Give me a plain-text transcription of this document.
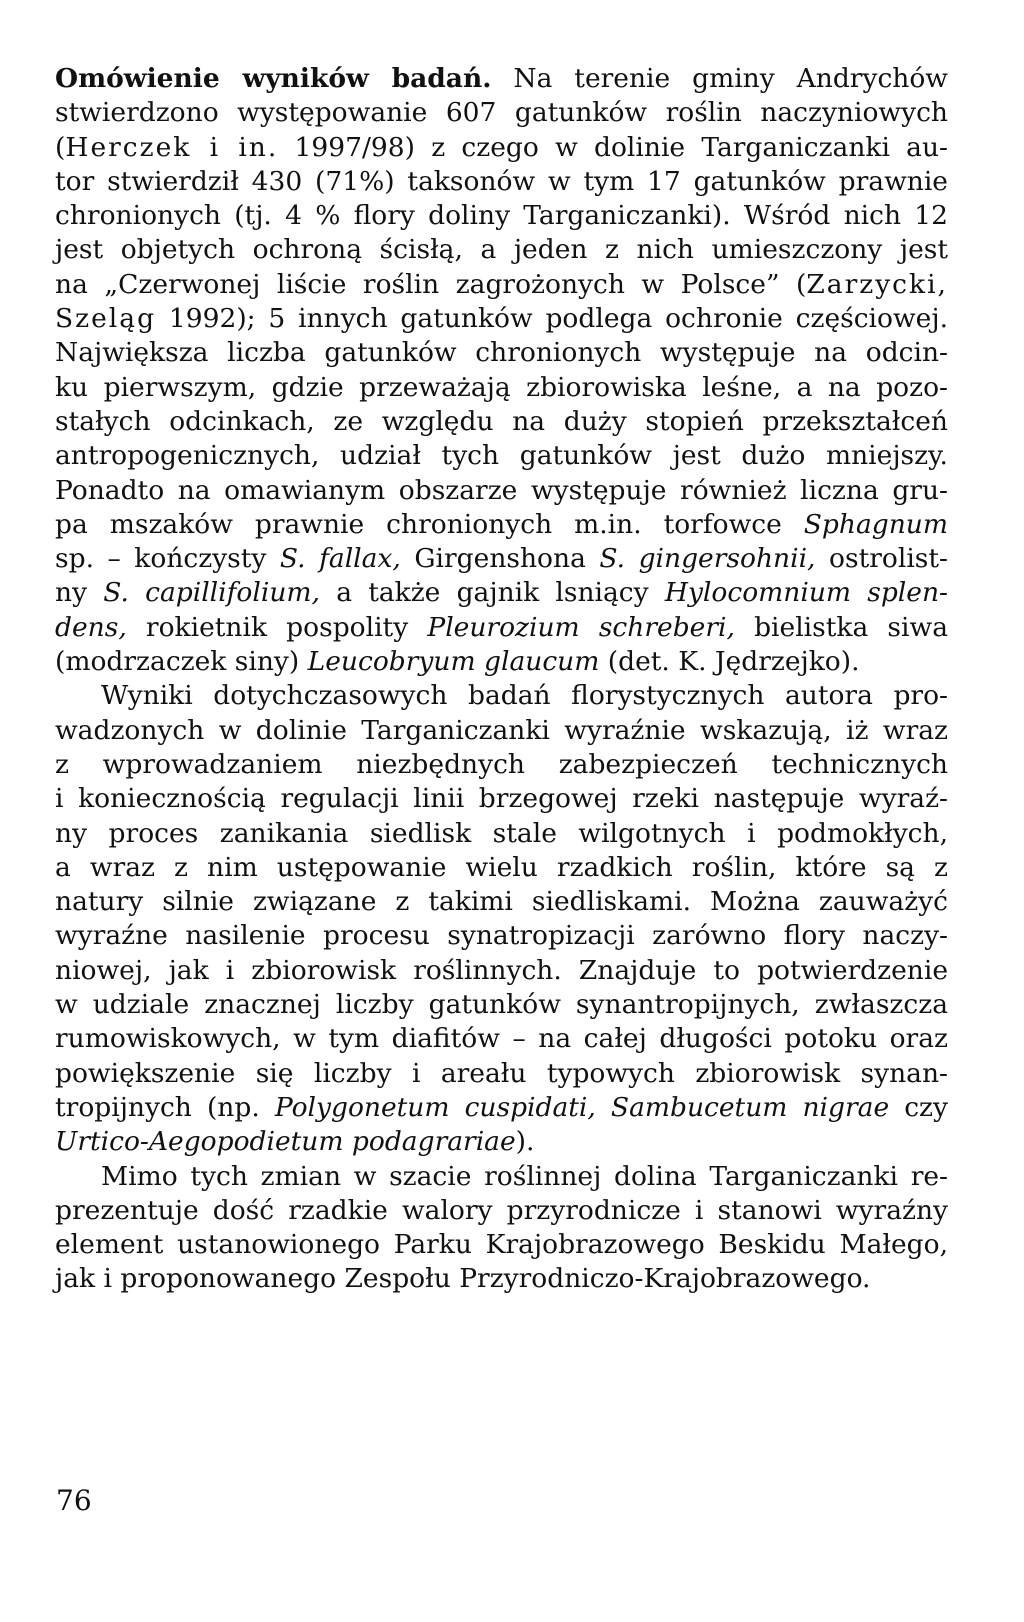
Omówienie wyników badań. Na terenie gminy Andrychów
stwierdzono występowanie 607 gatunków roślin naczyniowych
(Herczek i in. 1997/98) z czego w dolinie Targaniczanki au-
tor stwierdził 430 (71%) taksonów w tym 17 gatunków prawnie
chronionych (tj. 4 % flory doliny Targaniczanki). Wśród nich 12
jest objetych ochroną ścisłą, a jeden z nich umieszczony jest
na „Czerwonej liście roślin zagrożonych w Polsce” (Zarzycki,
Szeląg 1992); 5 innych gatunków podlega ochronie częściowej.
Największa liczba gatunków chronionych występuje na odcin-
ku pierwszym, gdzie przeważają zbiorowiska leśne, a na pozo-
stałych odcinkach, ze względu na duży stopień przekształceń
antropogenicznych, udział tych gatunków jest dużo mniejszy.
Ponadto na omawianym obszarze występuje również liczna gru-
pa mszaków prawnie chronionych m.in. torfowce Sphagnum
sp. – kończysty S. fallax, Girgenshona S. gingersohnii, ostrolist-
ny S. capillifolium, a także gajnik lsniący Hylocomnium splen-
dens, rokietnik pospolity Pleurozium schreberi, bielistka siwa
(modrzaczek siny) Leucobryum glaucum (det. K. Jędrzejko).
Wyniki dotychczasowych badań florystycznych autora pro-
wadzonych w dolinie Targaniczanki wyraźnie wskazują, iż wraz
z wprowadzaniem niezbędnych zabezpieczeń technicznych
i koniecznością regulacji linii brzegowej rzeki następuje wyraź-
ny proces zanikania siedlisk stale wilgotnych i podmokłych,
a wraz z nim ustępowanie wielu rzadkich roślin, które są z
natury silnie związane z takimi siedliskami. Można zauważyć
wyraźne nasilenie procesu synatropizacji zarówno flory naczy-
niowej, jak i zbiorowisk roślinnych. Znajduje to potwierdzenie
w udziale znacznej liczby gatunków synantropijnych, zwłaszcza
rumowiskowych, w tym diafitów – na całej długości potoku oraz
powiększenie się liczby i areału typowych zbiorowisk synan-
tropijnych (np. Polygonetum cuspidati, Sambucetum nigrae czy
Urtico-Aegopodietum podagrariae).
Mimo tych zmian w szacie roślinnej dolina Targaniczanki re-
prezentuje dość rzadkie walory przyrodnicze i stanowi wyraźny
element ustanowionego Parku Krajobrazowego Beskidu Małego,
jak i proponowanego Zespołu Przyrodniczo-Krajobrazowego.
76
